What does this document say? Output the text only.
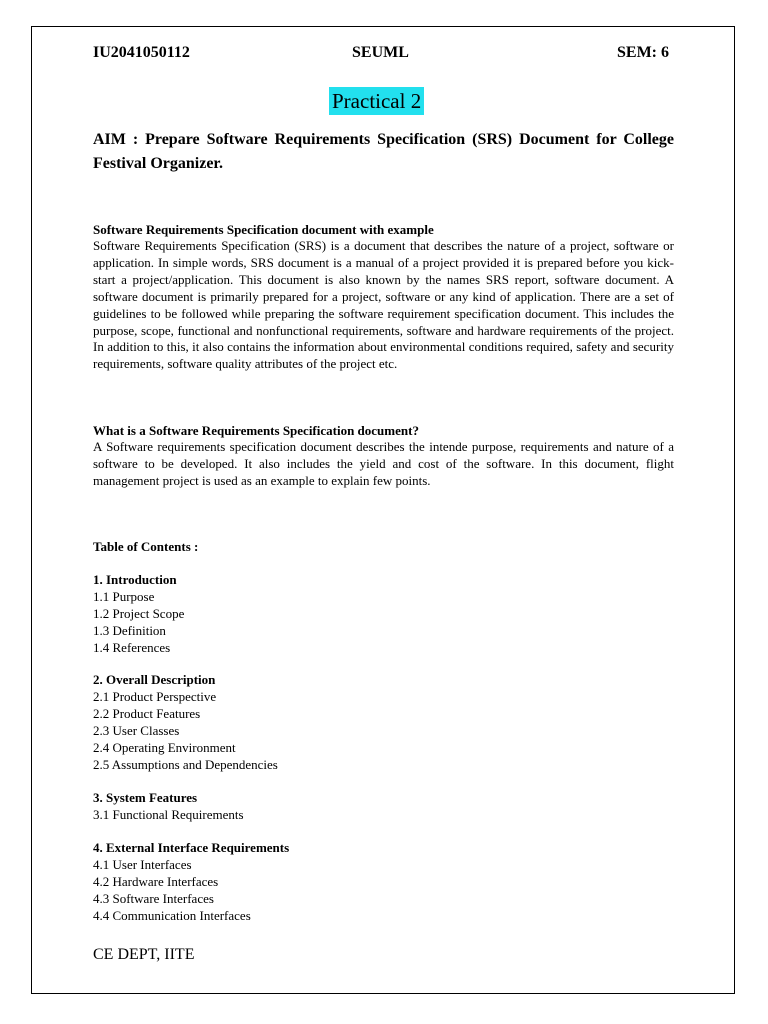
IU2041050112	SEUML	SEM: 6
Practical 2
AIM : Prepare Software Requirements Specification (SRS) Document for College Festival Organizer.
Software Requirements Specification document with example
Software Requirements Specification (SRS) is a document that describes the nature of a project, software or application. In simple words, SRS document is a manual of a project provided it is prepared before you kick-start a project/application. This document is also known by the names SRS report, software document. A software document is primarily prepared for a project, software or any kind of application. There are a set of guidelines to be followed while preparing the software requirement specification document. This includes the purpose, scope, functional and nonfunctional requirements, software and hardware requirements of the project. In addition to this, it also contains the information about environmental conditions required, safety and security requirements, software quality attributes of the project etc.
What is a Software Requirements Specification document?
A Software requirements specification document describes the intende purpose, requirements and nature of a software to be developed. It also includes the yield and cost of the software. In this document, flight management project is used as an example to explain few points.
Table of Contents :
1. Introduction
1.1 Purpose
1.2 Project Scope
1.3 Definition
1.4 References
2. Overall Description
2.1 Product Perspective
2.2 Product Features
2.3 User Classes
2.4 Operating Environment
2.5 Assumptions and Dependencies
3. System Features
3.1 Functional Requirements
4. External Interface Requirements
4.1 User Interfaces
4.2 Hardware Interfaces
4.3 Software Interfaces
4.4 Communication Interfaces
CE DEPT, IITE
